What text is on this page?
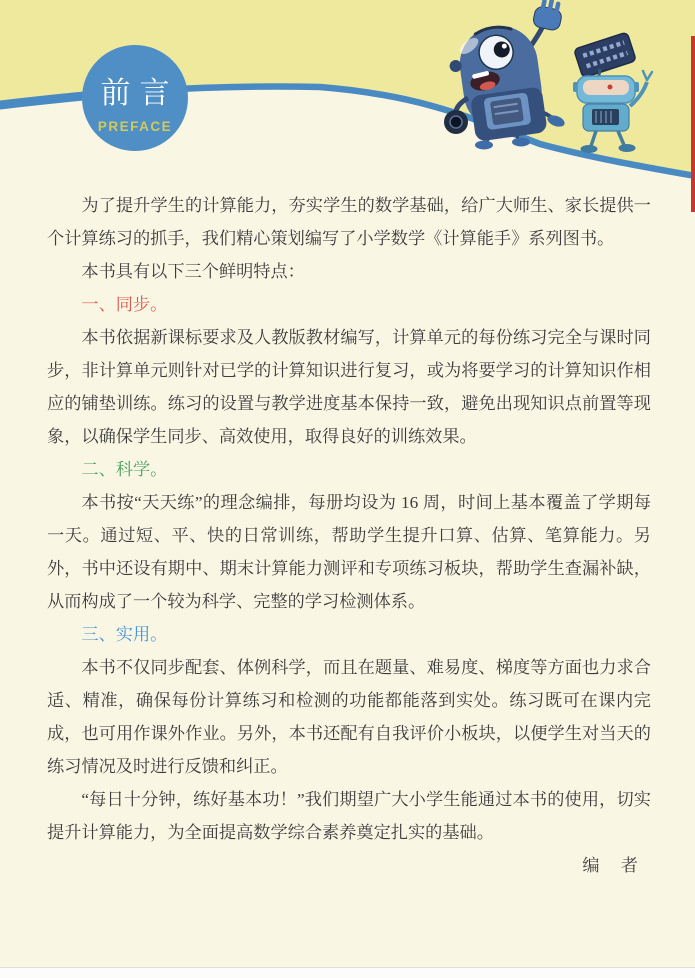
前言
PREFACE

为了提升学生的计算能力，夯实学生的数学基础，给广大师生、家长提供一个计算练习的抓手，我们精心策划编写了小学数学《计算能手》系列图书。

本书具有以下三个鲜明特点：

一、同步。

本书依据新课标要求及人教版教材编写，计算单元的每份练习完全与课时同步，非计算单元则针对已学的计算知识进行复习，或为将要学习的计算知识作相应的铺垫训练。练习的设置与教学进度基本保持一致，避免出现知识点前置等现象，以确保学生同步、高效使用，取得良好的训练效果。

二、科学。

本书按“天天练”的理念编排，每册均设为 16 周，时间上基本覆盖了学期每一天。通过短、平、快的日常训练，帮助学生提升口算、估算、笔算能力。另外，书中还设有期中、期末计算能力测评和专项练习板块，帮助学生查漏补缺，从而构成了一个较为科学、完整的学习检测体系。

三、实用。

本书不仅同步配套、体例科学，而且在题量、难易度、梯度等方面也力求合适、精准，确保每份计算练习和检测的功能都能落到实处。练习既可在课内完成，也可用作课外作业。另外，本书还配有自我评价小板块，以便学生对当天的练习情况及时进行反馈和纠正。

“每日十分钟，练好基本功！”我们期望广大小学生能通过本书的使用，切实提升计算能力，为全面提高数学综合素养奠定扎实的基础。

编　者
